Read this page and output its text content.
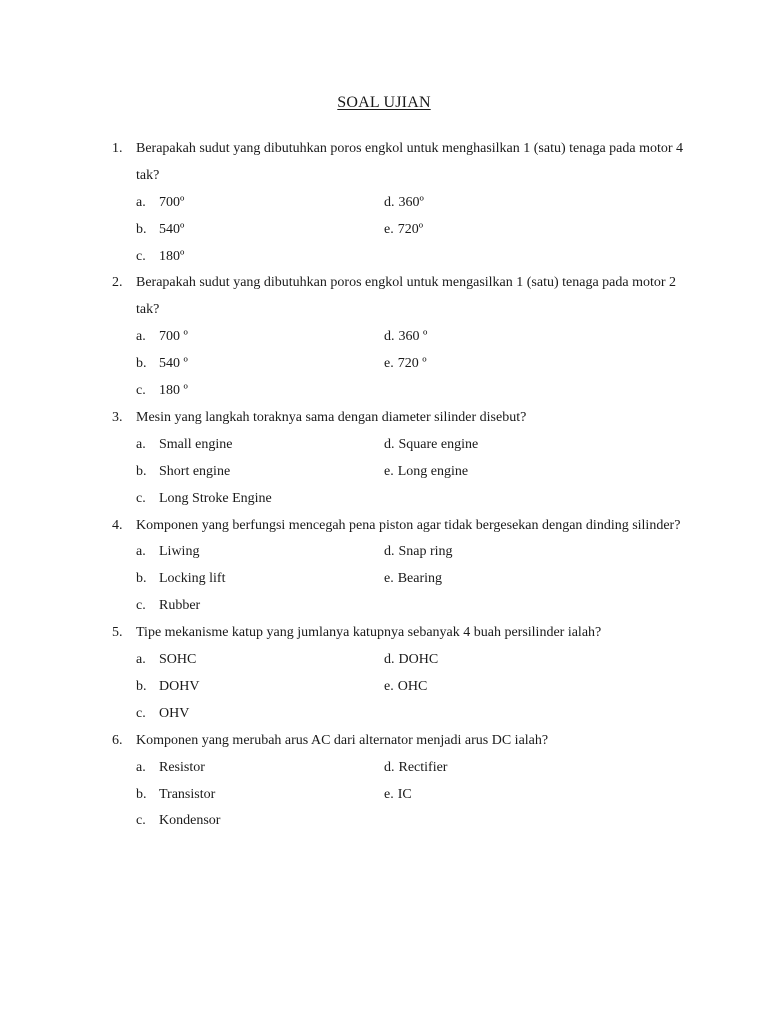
SOAL UJIAN
1. Berapakah sudut yang dibutuhkan poros engkol untuk menghasilkan 1 (satu) tenaga pada motor 4 tak?
a. 700º
b. 540º
c. 180º
d. 360º
e. 720º
2. Berapakah sudut yang dibutuhkan poros engkol untuk mengasilkan 1 (satu) tenaga pada motor 2 tak?
a. 700 º
b. 540 º
c. 180 º
d. 360 º
e. 720 º
3. Mesin yang langkah toraknya sama dengan diameter silinder disebut?
a. Small engine
b. Short engine
c. Long Stroke Engine
d. Square engine
e. Long engine
4. Komponen yang berfungsi mencegah pena piston agar tidak bergesekan dengan dinding silinder?
a. Liwing
b. Locking lift
c. Rubber
d. Snap ring
e. Bearing
5. Tipe mekanisme katup yang jumlanya katupnya sebanyak 4 buah persilinder ialah?
a. SOHC
b. DOHV
c. OHV
d. DOHC
e. OHC
6. Komponen yang merubah arus AC dari alternator menjadi arus DC ialah?
a. Resistor
b. Transistor
c. Kondensor
d. Rectifier
e. IC
